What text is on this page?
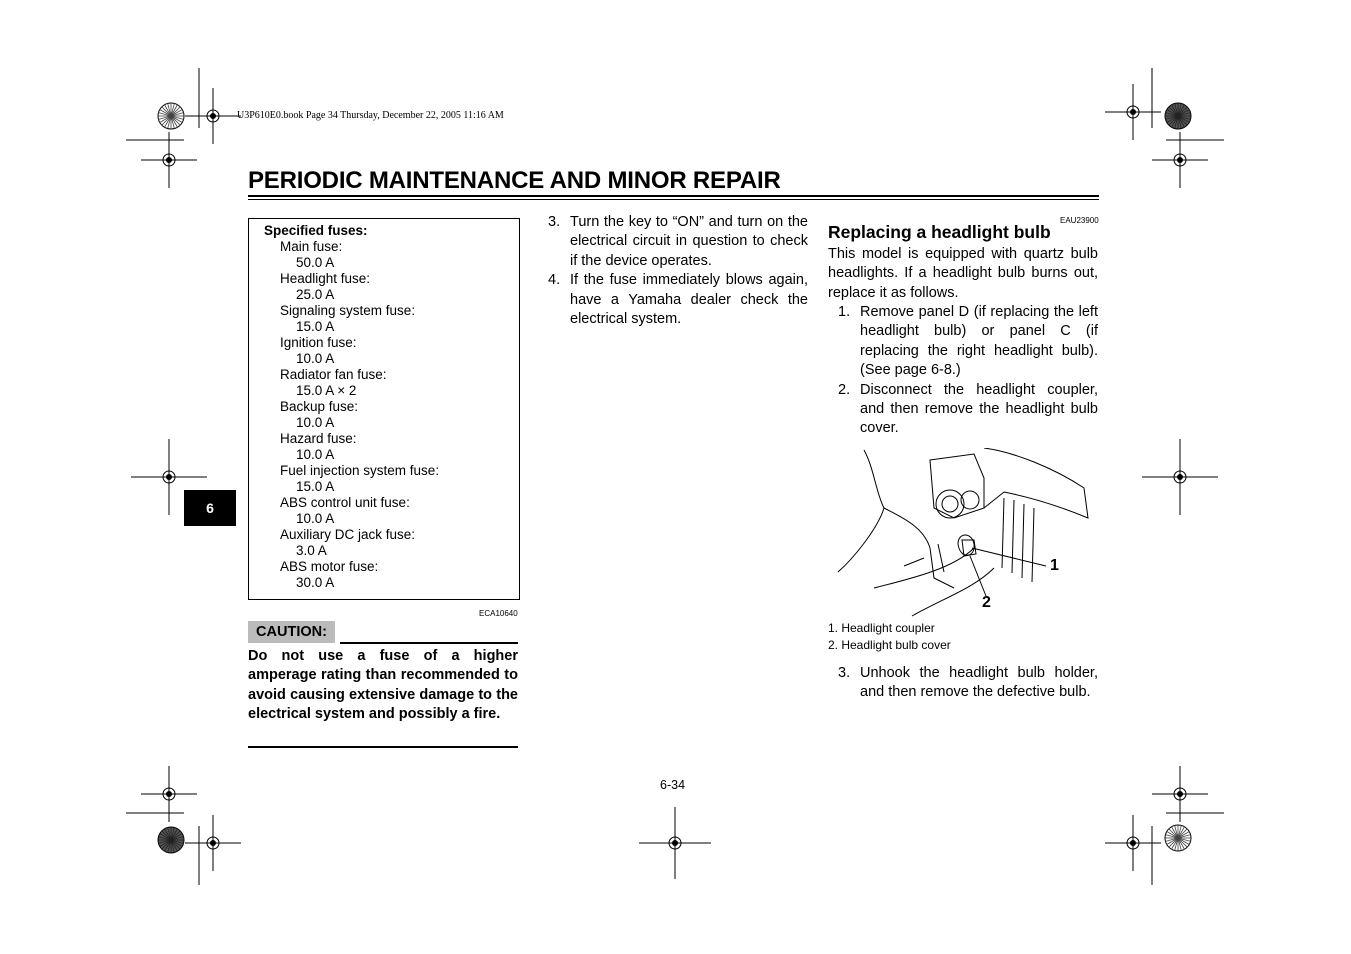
U3P610E0.book Page 34 Thursday, December 22, 2005 11:16 AM
PERIODIC MAINTENANCE AND MINOR REPAIR
6
Specified fuses:
Main fuse:
50.0 A
Headlight fuse:
25.0 A
Signaling system fuse:
15.0 A
Ignition fuse:
10.0 A
Radiator fan fuse:
15.0 A × 2
Backup fuse:
10.0 A
Hazard fuse:
10.0 A
Fuel injection system fuse:
15.0 A
ABS control unit fuse:
10.0 A
Auxiliary DC jack fuse:
3.0 A
ABS motor fuse:
30.0 A
ECA10640
CAUTION:
Do not use a fuse of a higher amperage rating than recommended to avoid causing extensive damage to the electrical system and possibly a fire.
3. Turn the key to “ON” and turn on the electrical circuit in question to check if the device operates.
4. If the fuse immediately blows again, have a Yamaha dealer check the electrical system.
EAU23900
Replacing a headlight bulb
This model is equipped with quartz bulb headlights. If a headlight bulb burns out, replace it as follows.
1. Remove panel D (if replacing the left headlight bulb) or panel C (if replacing the right headlight bulb). (See page 6-8.)
2. Disconnect the headlight coupler, and then remove the headlight bulb cover.
1
2
1. Headlight coupler
2. Headlight bulb cover
3. Unhook the headlight bulb holder, and then remove the defective bulb.
6-34
